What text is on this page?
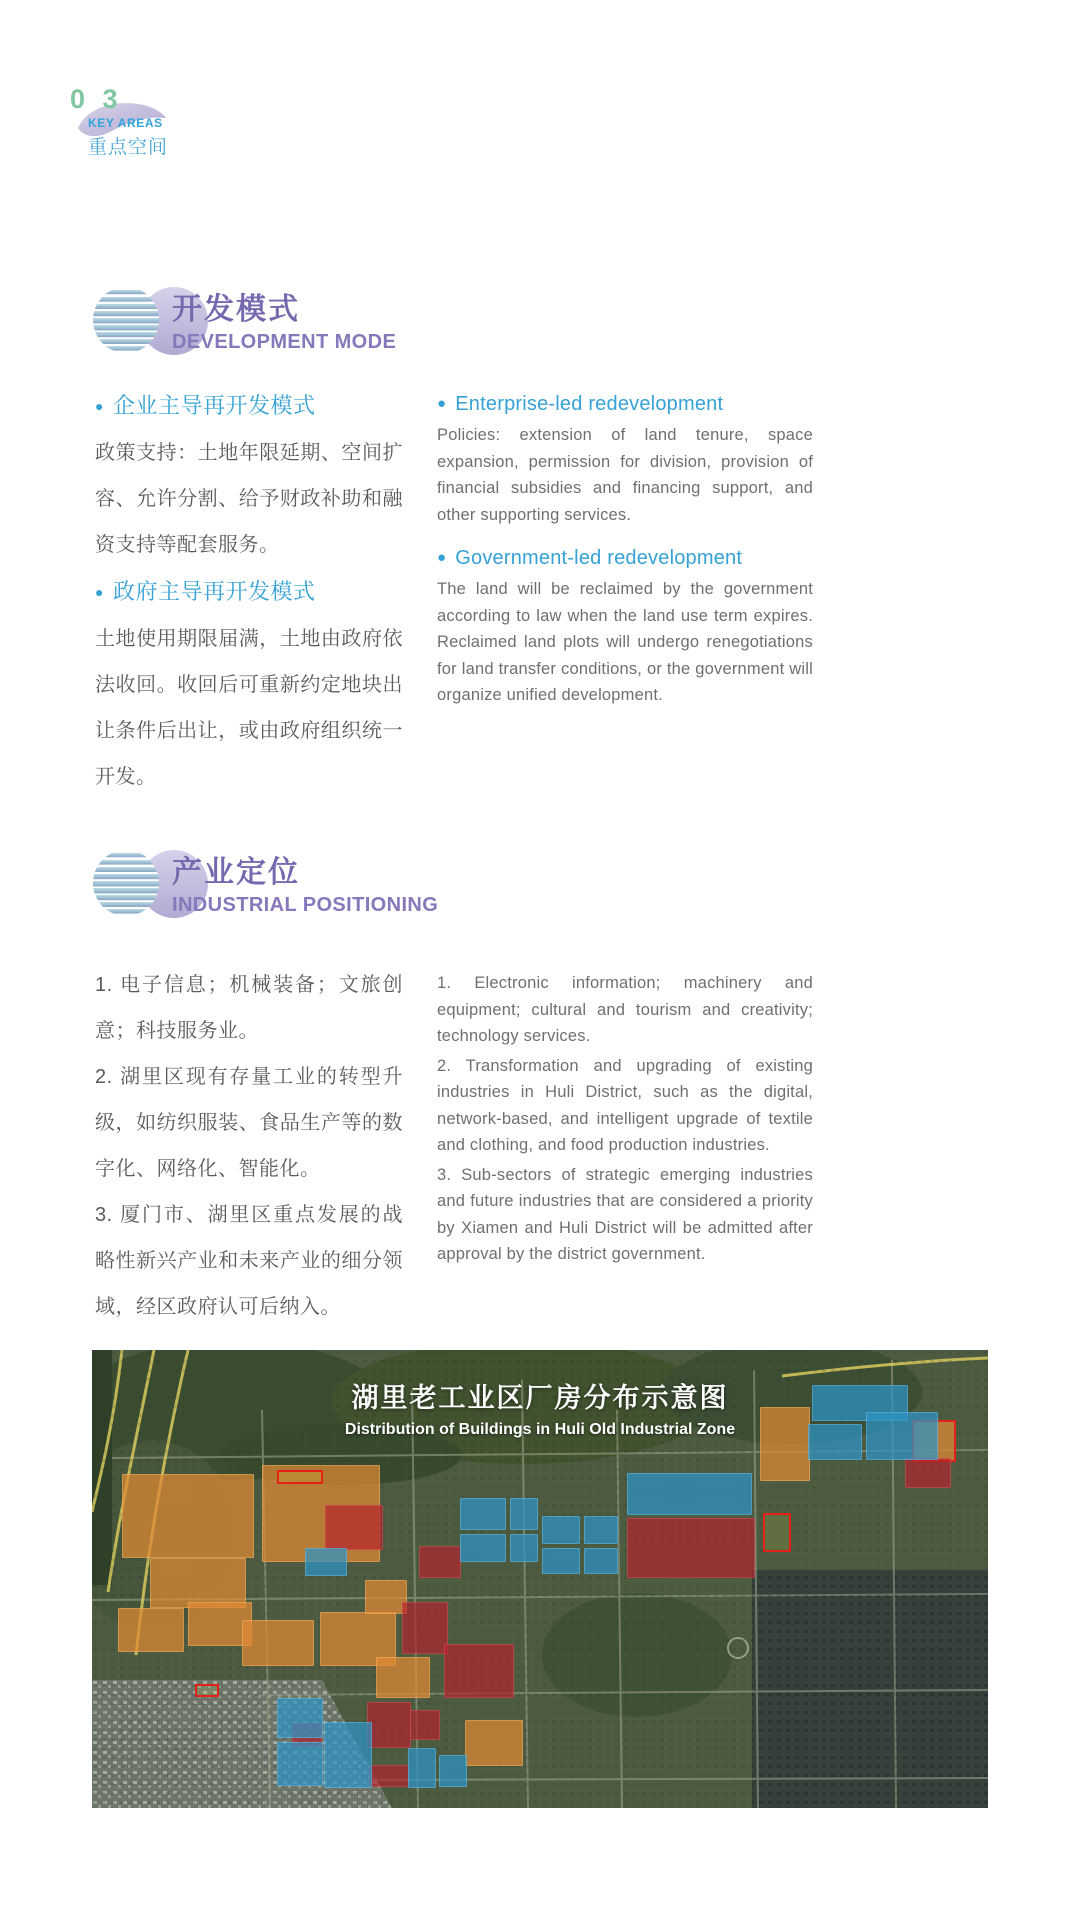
0 3
KEY AREAS
重点空间
开发模式
DEVELOPMENT MODE
●
企业主导再开发模式

政策支持：土地年限延期、空间扩容、允许分割、给予财政补助和融资支持等配套服务。

●
政府主导再开发模式

土地使用期限届满，土地由政府依法收回。收回后可重新约定地块出让条件后出让，或由政府组织统一开发。

●
Enterprise-led redevelopment

Policies: extension of land tenure, space expansion, permission for division, provision of financial subsidies and financing support, and other supporting services.

●
Government-led redevelopment

The land will be reclaimed by the government according to law when the land use term expires. Reclaimed land plots will undergo renegotiations for land transfer conditions, or the government will organize unified development.

产业定位
INDUSTRIAL POSITIONING

1. 电子信息；机械装备；文旅创意；科技服务业。

2. 湖里区现有存量工业的转型升级，如纺织服装、食品生产等的数字化、网络化、智能化。

3. 厦门市、湖里区重点发展的战略性新兴产业和未来产业的细分领域，经区政府认可后纳入。

1. Electronic information; machinery and equipment; cultural and tourism and creativity; technology services.

2. Transformation and upgrading of existing industries in Huli District, such as the digital, network-based, and intelligent upgrade of textile and clothing, and food production industries.

3. Sub-sectors of strategic emerging industries and future industries that are considered a priority by Xiamen and Huli District will be admitted after approval by the district government.

湖里老工业区厂房分布示意图
Distribution of Buildings in Huli Old Industrial Zone
